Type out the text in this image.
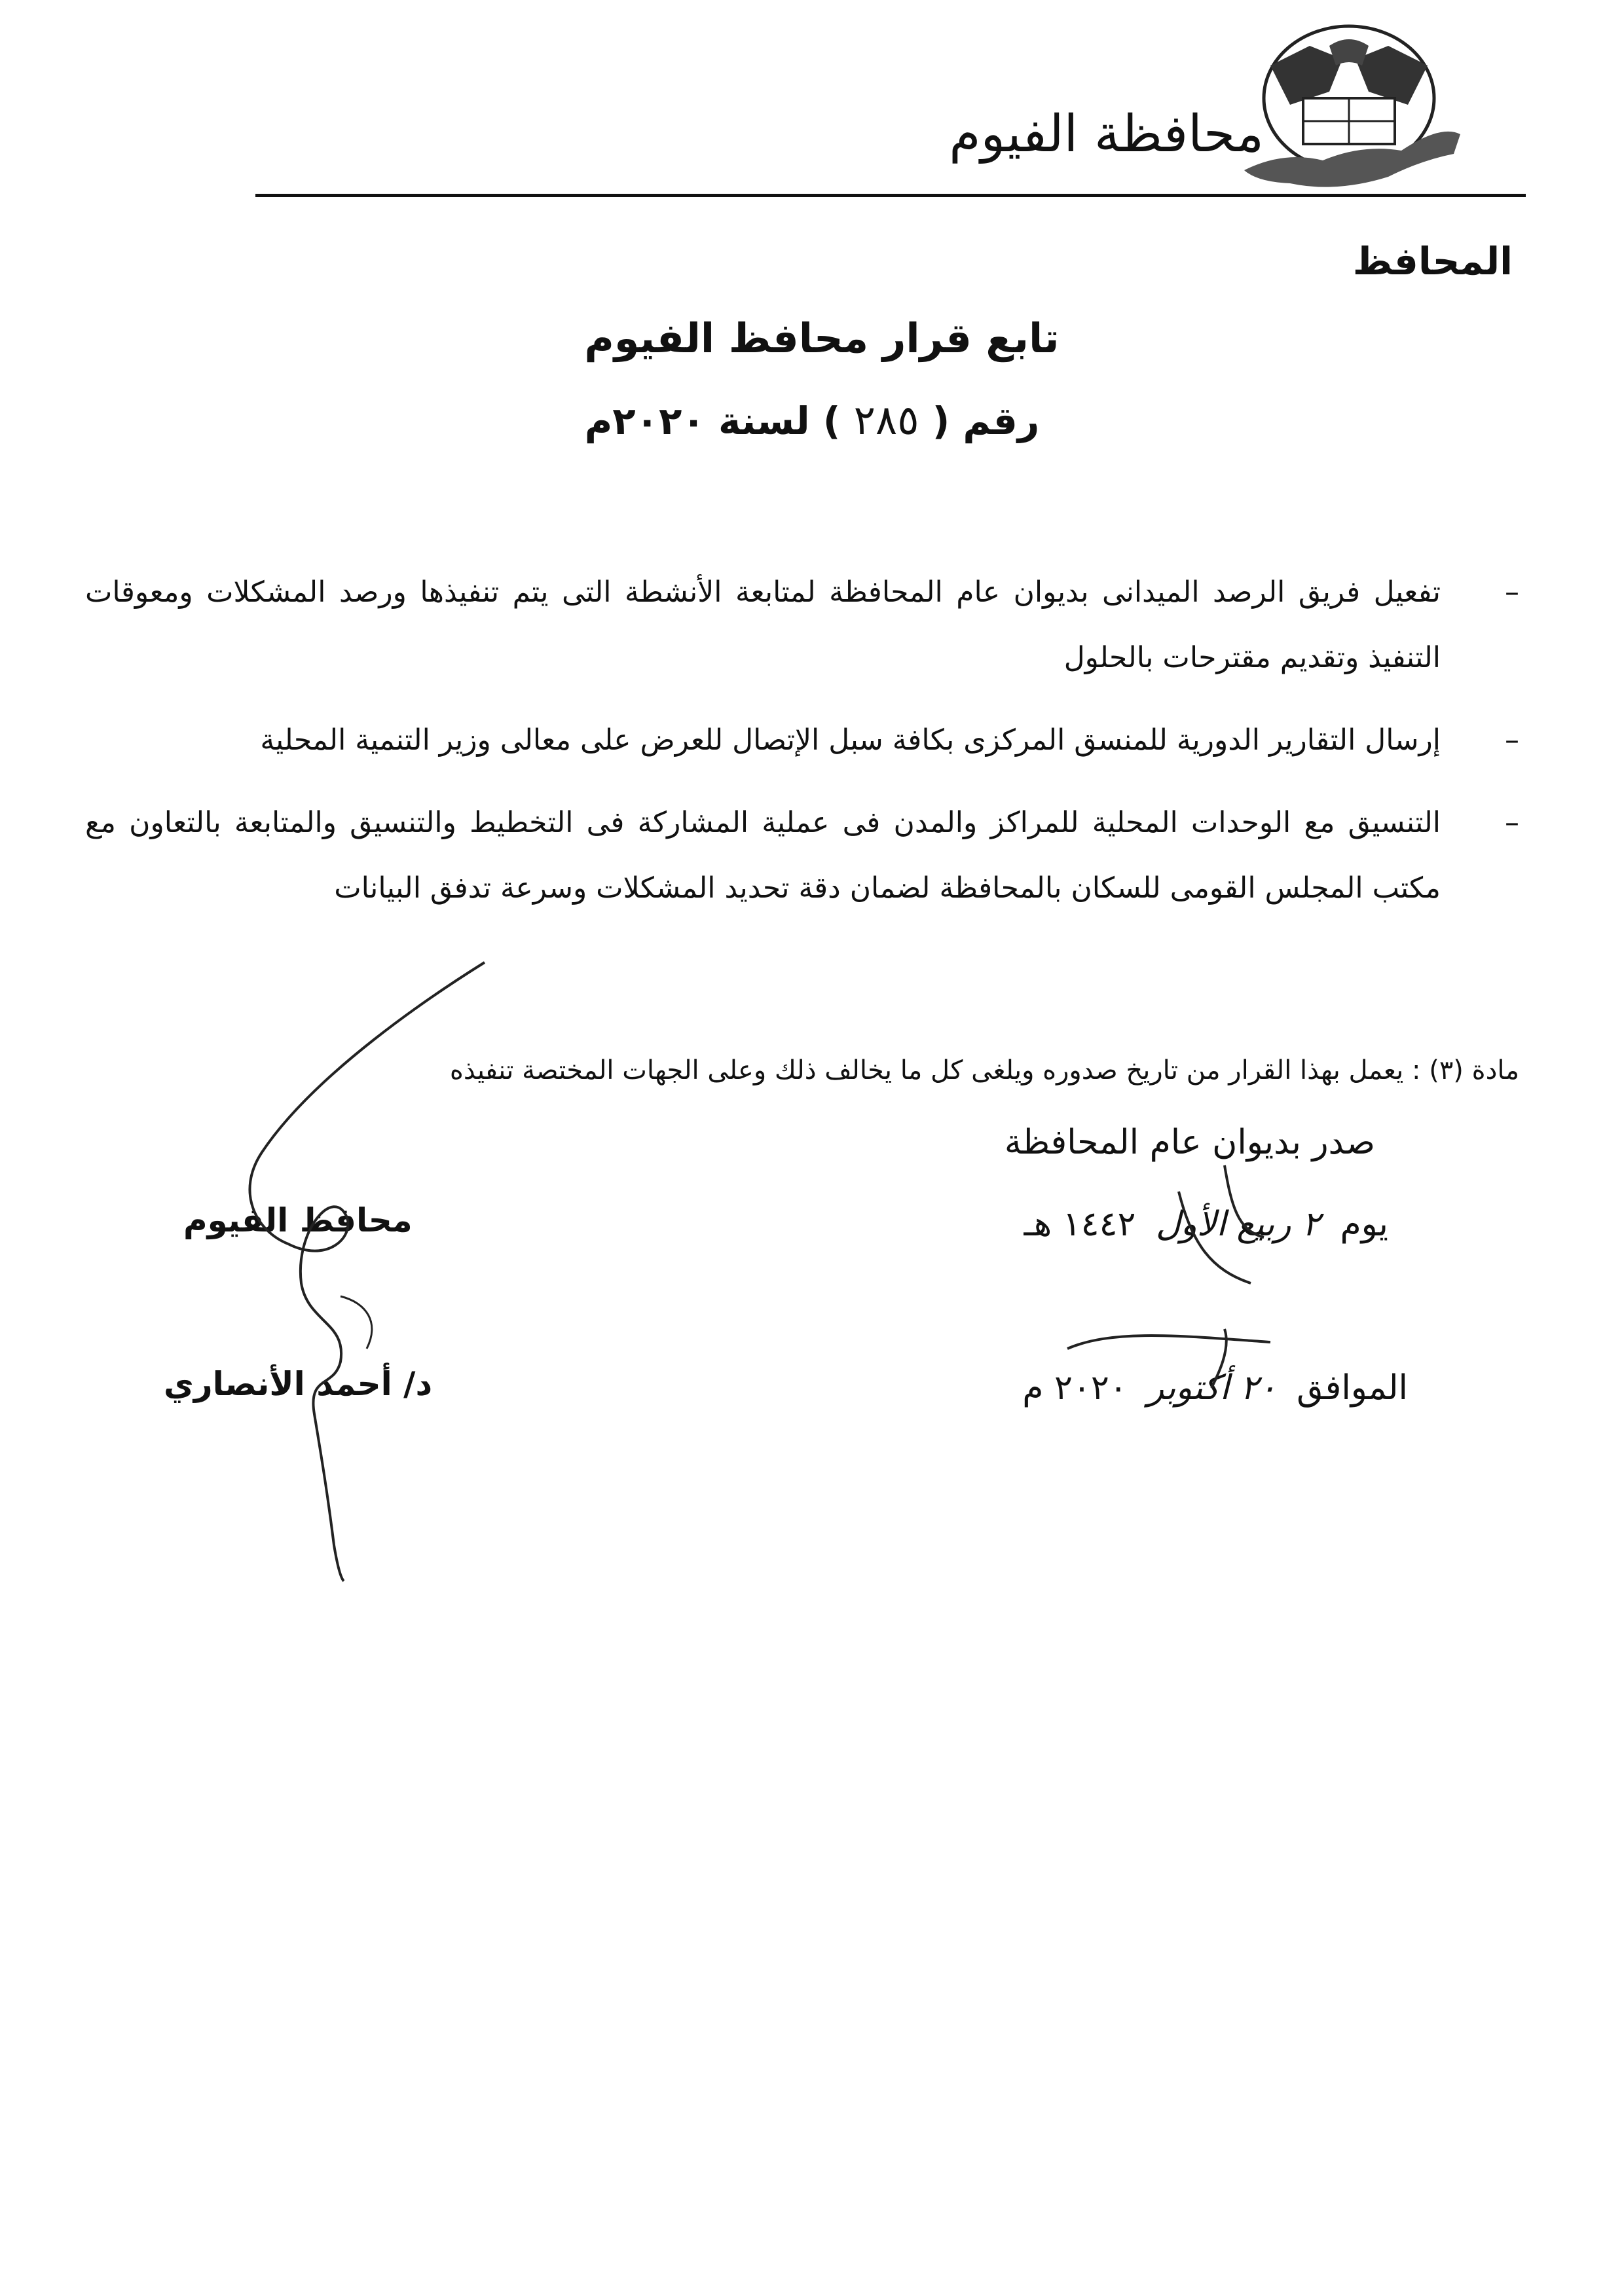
محافظة الفيوم
المحافظ
تابع قرار محافظ الفيوم
رقم ( ٢٨٥ ) لسنة ٢٠٢٠م
–
تفعيل فريق الرصد الميدانى بديوان عام المحافظة لمتابعة الأنشطة التى يتم تنفيذها ورصد المشكلات ومعوقات التنفيذ وتقديم مقترحات بالحلول
–
إرسال التقارير الدورية للمنسق المركزى بكافة سبل الإتصال للعرض على معالى وزير التنمية المحلية
–
التنسيق مع الوحدات المحلية للمراكز والمدن فى عملية المشاركة فى التخطيط والتنسيق والمتابعة بالتعاون مع مكتب المجلس القومى للسكان بالمحافظة لضمان دقة تحديد المشكلات وسرعة تدفق البيانات
مادة (٣) : يعمل بهذا القرار من تاريخ صدوره ويلغى كل ما يخالف ذلك وعلى الجهات المختصة تنفيذه
صدر بديوان عام المحافظة
يوم ٢ ربيع الأول ١٤٤٢ هـ
الموافق ٢٠ أكتوبر ٢٠٢٠ م
محافظ الفيوم
د/ أحمد الأنصاري
